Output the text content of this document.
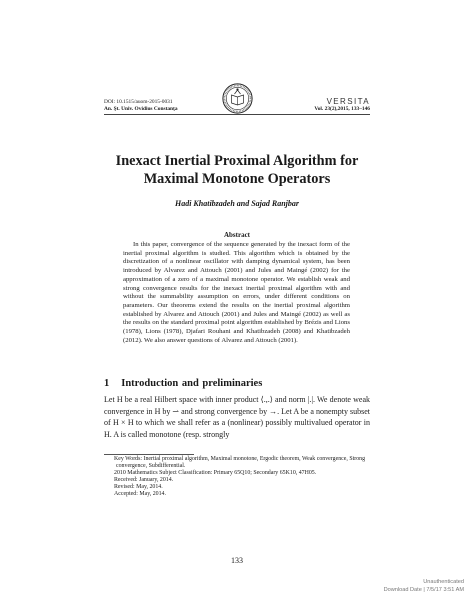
DOI: 10.1515/auom-2015-0031
An. Şt. Univ. Ovidius Constanţa
VERSITA
Vol. 23(2),2015, 133–146
Inexact Inertial Proximal Algorithm for
Maximal Monotone Operators
Hadi Khatibzadeh and Sajad Ranjbar
Abstract

In this paper, convergence of the sequence generated by the inexact form of the inertial proximal algorithm is studied. This algorithm which is obtained by the discretization of a nonlinear oscillator with damping dynamical system, has been introduced by Alvarez and Attouch (2001) and Jules and Maingé (2002) for the approximation of a zero of a maximal monotone operator. We establish weak and strong convergence results for the inexact inertial proximal algorithm with and without the summability assumption on errors, under different conditions on parameters. Our theorems extend the results on the inertial proximal algorithm established by Alvarez and Attouch (2001) and Jules and Maingé (2002) as well as the results on the standard proximal point algorithm established by Brézis and Lions (1978), Lions (1978), Djafari Rouhani and Khatibzadeh (2008) and Khatibzadeh (2012). We also answer questions of Alvarez and Attouch (2001).

1 Introduction and preliminaries

Let H be a real Hilbert space with inner product ⟨.,.⟩ and norm |.|. We denote weak convergence in H by ⇀ and strong convergence by →. Let A be a nonempty subset of H × H to which we shall refer as a (nonlinear) possibly multivalued operator in H. A is called monotone (resp. strongly

Key Words: Inertial proximal algorithm, Maximal monotone, Ergodic theorem, Weak convergence, Strong convergence, Subdifferential.

2010 Mathematics Subject Classification: Primary 65Q10; Secondary 65K10, 47H05.

Received: January, 2014.

Revised: May, 2014.

Accepted: May, 2014.

133
Unauthenticated
Download Date | 7/5/17 3:51 AM
